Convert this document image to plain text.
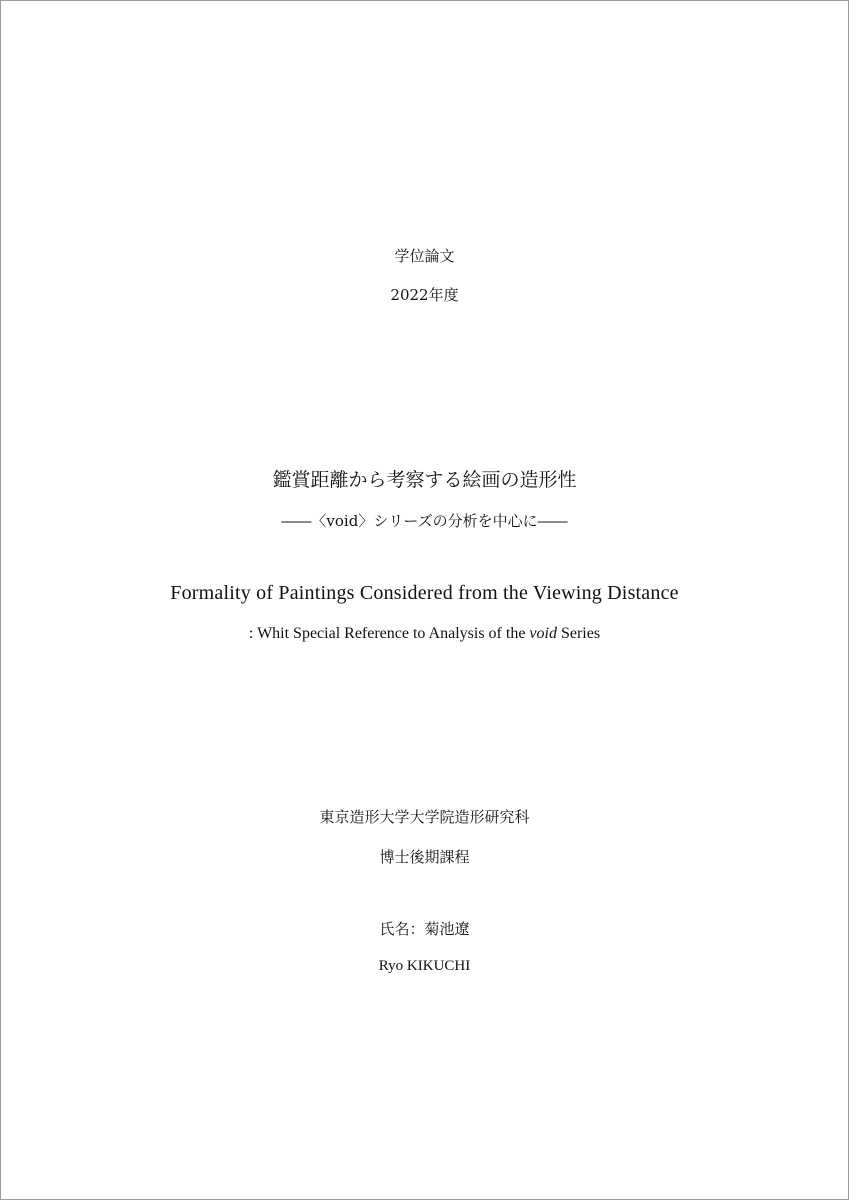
学位論文
2022年度
鑑賞距離から考察する絵画の造形性
――〈void〉シリーズの分析を中心に――
Formality of Paintings Considered from the Viewing Distance
: Whit Special Reference to Analysis of the void Series
東京造形大学大学院造形研究科
博士後期課程
氏名：菊池遼
Ryo KIKUCHI
